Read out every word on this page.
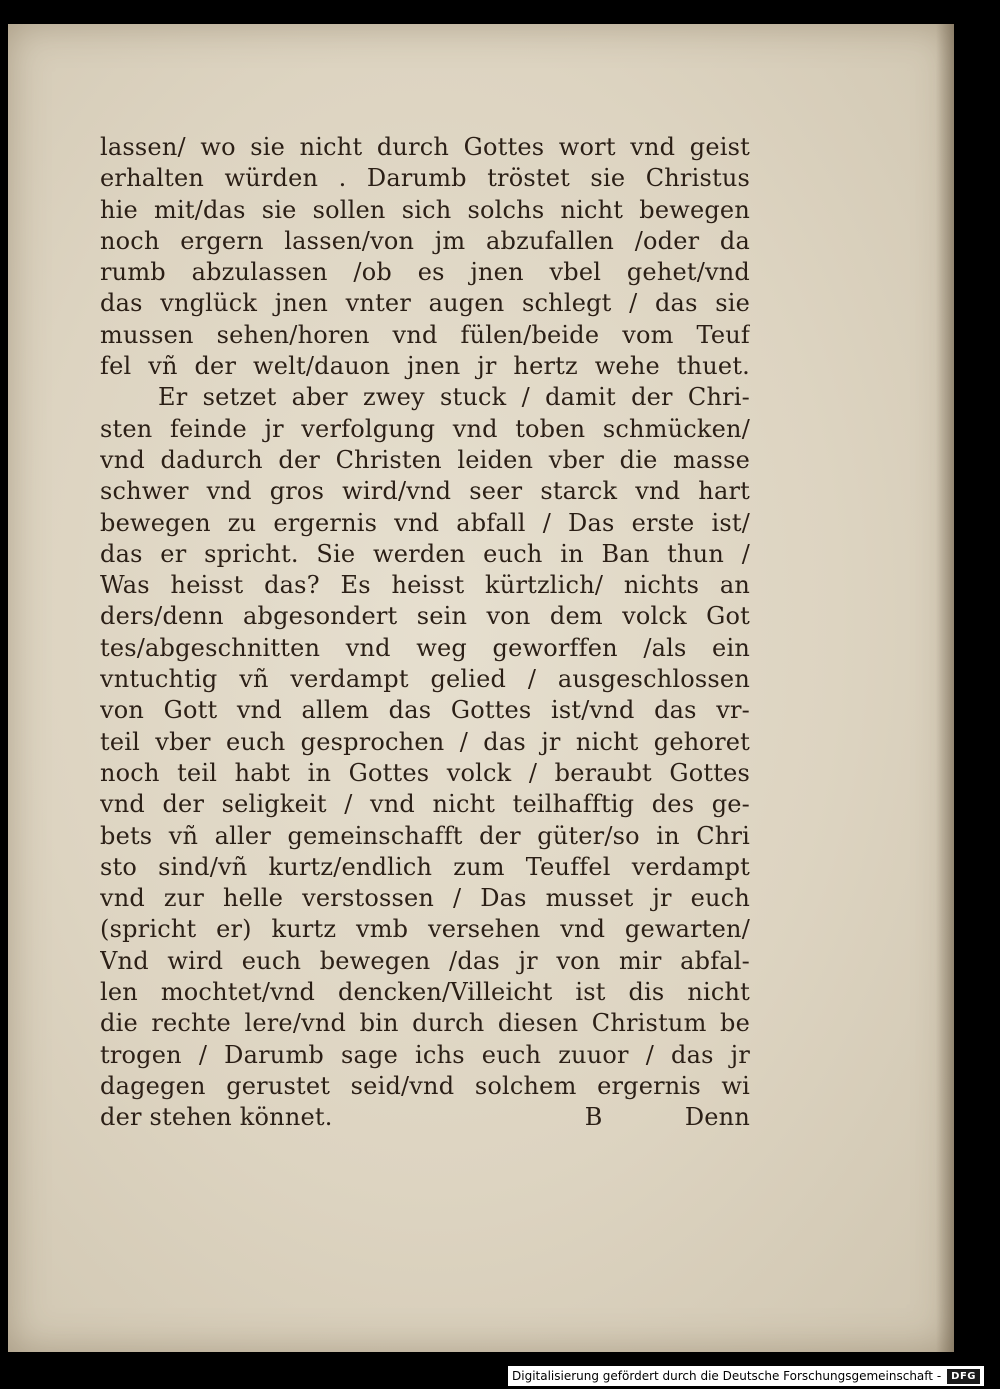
lassen/ wo sie nicht durch Gottes wort vnd geist
erhalten würden . Darumb tröstet sie Christus
hie mit/das sie sollen sich solchs nicht bewegen
noch ergern lassen/von jm abzufallen /oder da
rumb abzulassen /ob es jnen vbel gehet/vnd
das vnglück jnen vnter augen schlegt / das sie
mussen sehen/horen vnd fülen/beide vom Teuf
fel vñ der welt/dauon jnen jr hertz wehe thuet.
Er setzet aber zwey stuck / damit der Chri-
sten feinde jr verfolgung vnd toben schmücken/
vnd dadurch der Christen leiden vber die masse
schwer vnd gros wird/vnd seer starck vnd hart
bewegen zu ergernis vnd abfall / Das erste ist/
das er spricht. Sie werden euch in Ban thun /
Was heisst das? Es heisst kürtzlich/ nichts an
ders/denn abgesondert sein von dem volck Got
tes/abgeschnitten vnd weg geworffen /als ein
vntuchtig vñ verdampt gelied / ausgeschlossen
von Gott vnd allem das Gottes ist/vnd das vr-
teil vber euch gesprochen / das jr nicht gehoret
noch teil habt in Gottes volck / beraubt Gottes
vnd der seligkeit / vnd nicht teilhafftig des ge-
bets vñ aller gemeinschafft der güter/so in Chri
sto sind/vñ kurtz/endlich zum Teuffel verdampt
vnd zur helle verstossen / Das musset jr euch
(spricht er) kurtz vmb versehen vnd gewarten/
Vnd wird euch bewegen /das jr von mir abfal-
len mochtet/vnd dencken/Villeicht ist dis nicht
die rechte lere/vnd bin durch diesen Christum be
trogen / Darumb sage ichs euch zuuor / das jr
dagegen gerustet seid/vnd solchem ergernis wi
der stehen könnet.	B	Denn
Digitalisierung gefördert durch die Deutsche Forschungsgemeinschaft - DFG
